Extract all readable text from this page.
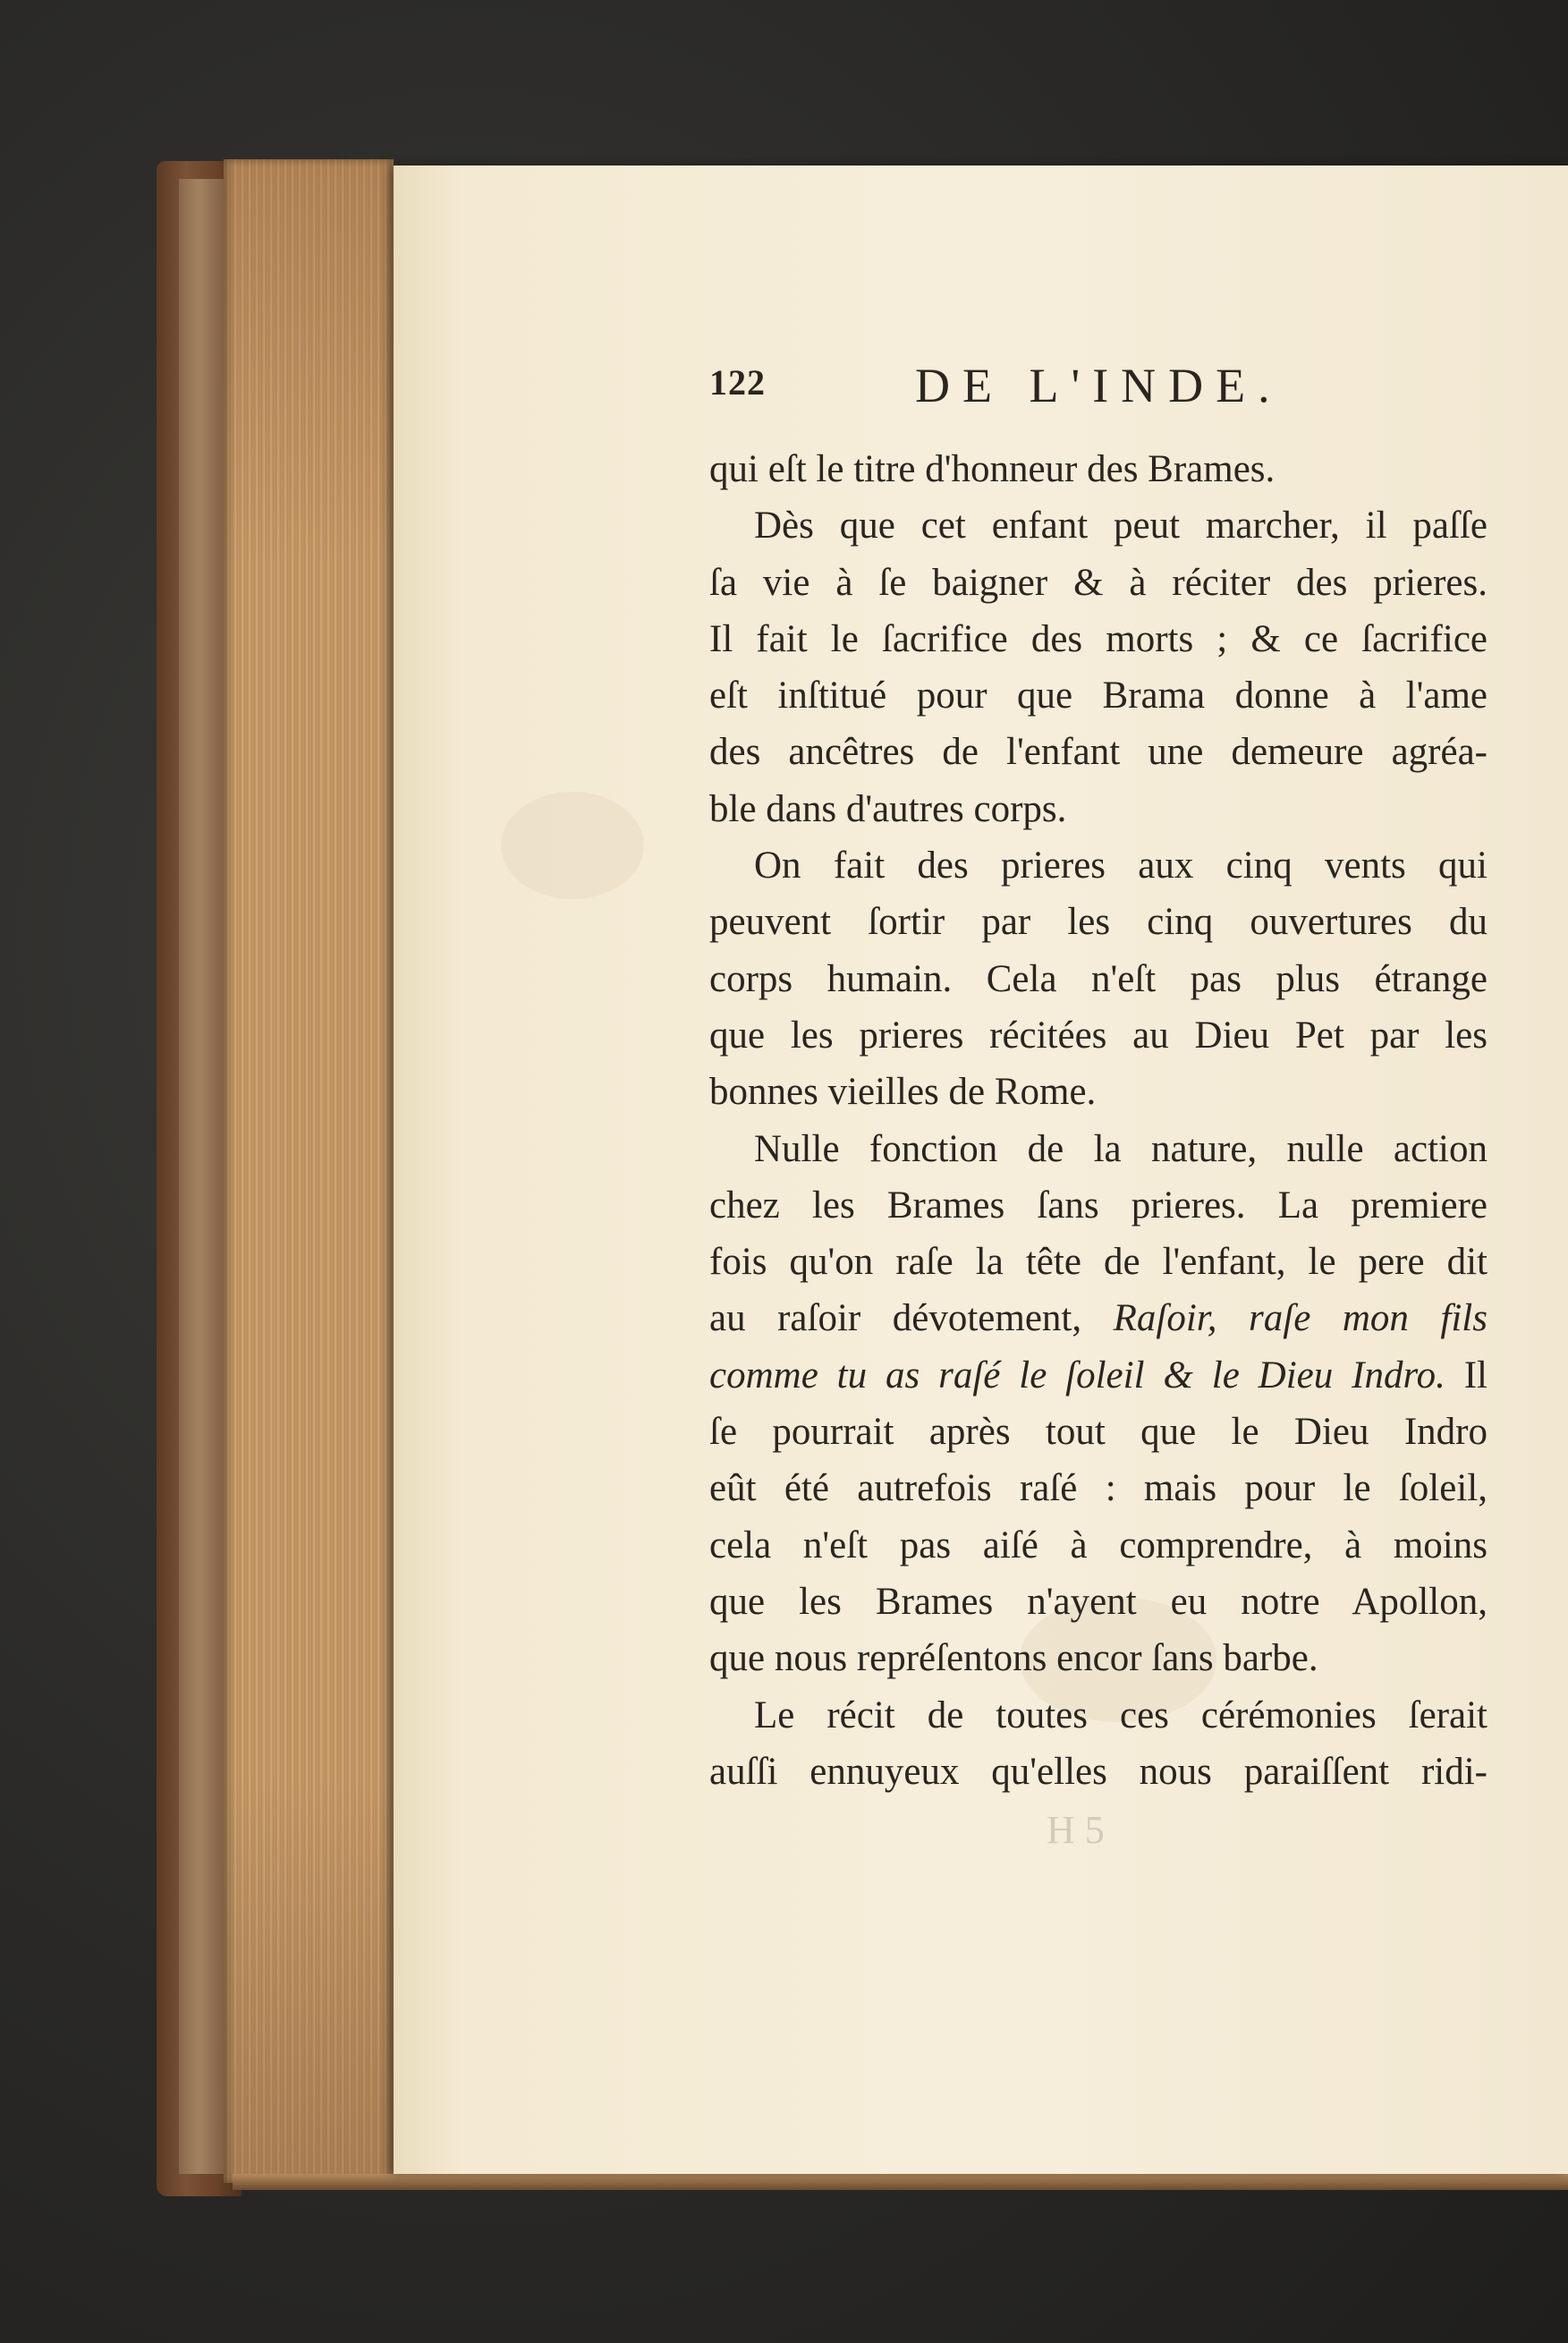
122	DE L'INDE.
qui eſt le titre d'honneur des Brames.
Dès que cet enfant peut marcher, il paſſe
ſa vie à ſe baigner & à réciter des prieres.
Il fait le ſacrifice des morts ; & ce ſacrifice
eſt inſtitué pour que Brama donne à l'ame
des ancêtres de l'enfant une demeure agréa-
ble dans d'autres corps.
On fait des prieres aux cinq vents qui
peuvent ſortir par les cinq ouvertures du
corps humain. Cela n'eſt pas plus étrange
que les prieres récitées au Dieu Pet par les
bonnes vieilles de Rome.
Nulle fonction de la nature, nulle action
chez les Brames ſans prieres. La premiere
fois qu'on raſe la tête de l'enfant, le pere dit
au raſoir dévotement, Raſoir, raſe mon fils
comme tu as raſé le ſoleil & le Dieu Indro. Il
ſe pourrait après tout que le Dieu Indro
eût été autrefois raſé : mais pour le ſoleil,
cela n'eſt pas aiſé à comprendre, à moins
que les Brames n'ayent eu notre Apollon,
que nous repréſentons encor ſans barbe.
Le récit de toutes ces cérémonies ſerait
auſſi ennuyeux qu'elles nous paraiſſent ridi-
H 5
